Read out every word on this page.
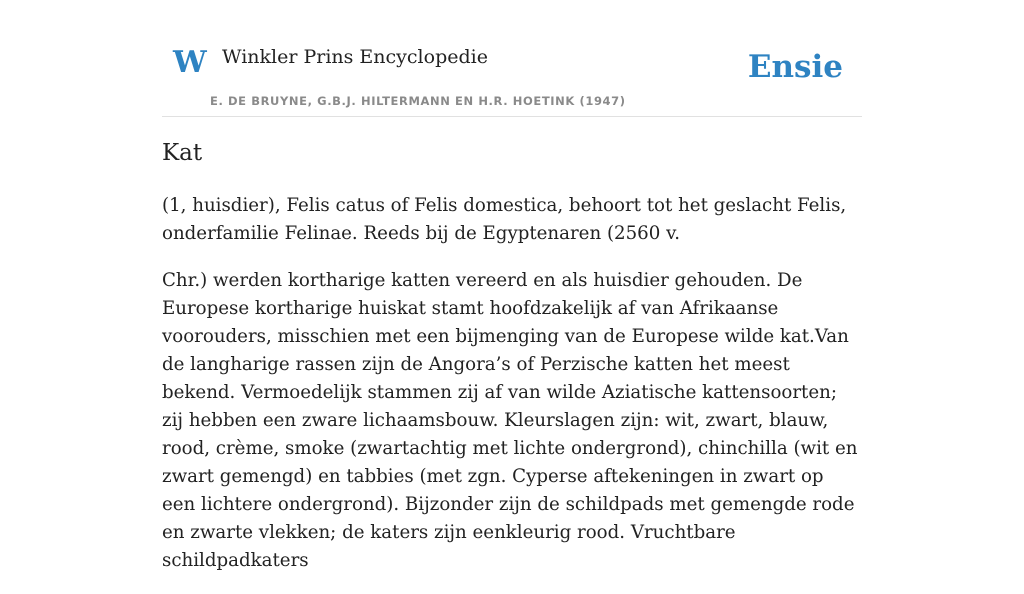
W Winkler Prins Encyclopedie
E. DE BRUYNE, G.B.J. HILTERMANN EN H.R. HOETINK (1947)
Ensie
Kat

(1, huisdier), Felis catus of Felis domestica, behoort tot het geslacht Felis, onderfamilie Felinae. Reeds bij de Egyptenaren (2560 v.

Chr.) werden kortharige katten vereerd en als huisdier gehouden. De Europese kortharige huiskat stamt hoofdzakelijk af van Afrikaanse voorouders, misschien met een bijmenging van de Europese wilde kat.Van de langharige rassen zijn de Angora’s of Perzische katten het meest bekend. Vermoedelijk stammen zij af van wilde Aziatische kattensoorten; zij hebben een zware lichaamsbouw. Kleurslagen zijn: wit, zwart, blauw, rood, crème, smoke (zwartachtig met lichte ondergrond), chinchilla (wit en zwart gemengd) en tabbies (met zgn. Cyperse aftekeningen in zwart op een lichtere ondergrond). Bijzonder zijn de schildpads met gemengde rode en zwarte vlekken; de katers zijn eenkleurig rood. Vruchtbare schildpadkaters
